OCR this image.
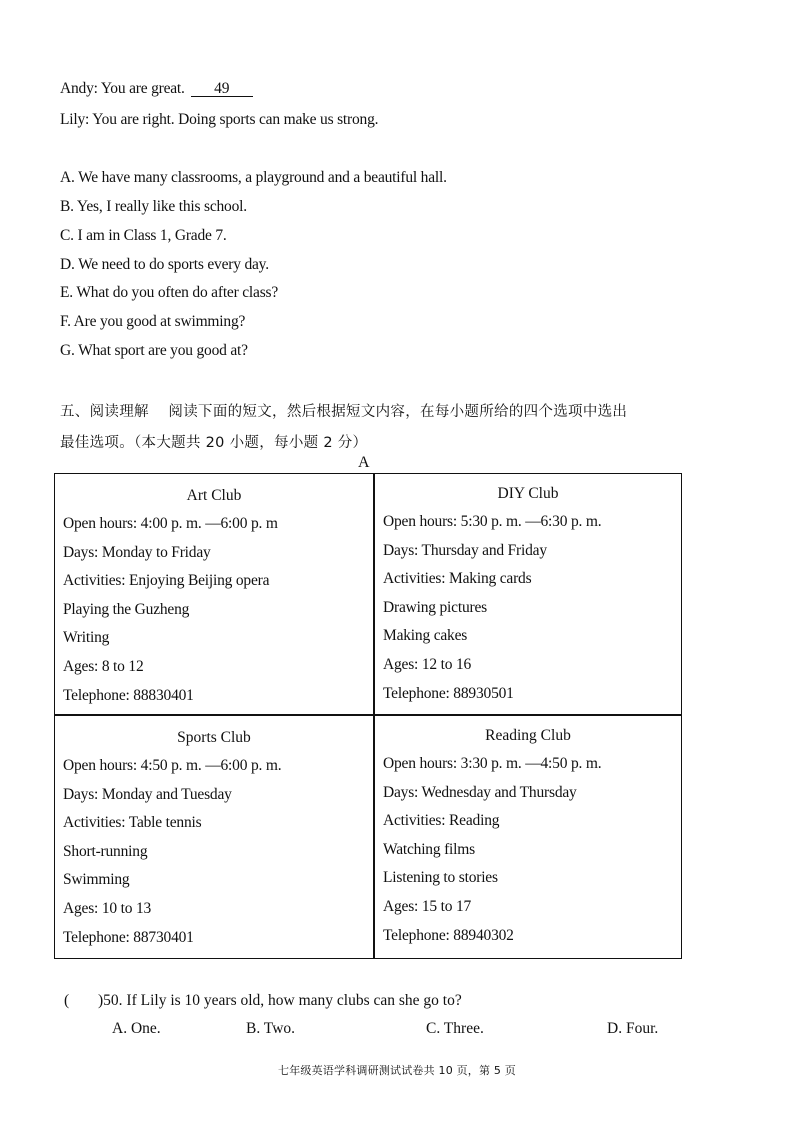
Andy: You are great. 49
Lily: You are right. Doing sports can make us strong.
A. We have many classrooms, a playground and a beautiful hall.
B. Yes, I really like this school.
C. I am in Class 1, Grade 7.
D. We need to do sports every day.
E. What do you often do after class?
F. Are you good at swimming?
G. What sport are you good at?
五、阅读理解    阅读下面的短文，然后根据短文内容，在每小题所给的四个选项中选出
最佳选项。（本大题共 20 小题，每小题 2 分）
A
Art Club
Open hours: 4:00 p. m. —6:00 p. m
Days: Monday to Friday
Activities: Enjoying Beijing opera
Playing the Guzheng
Writing
Ages: 8 to 12
Telephone: 88830401
DIY Club
Open hours: 5:30 p. m. —6:30 p. m.
Days: Thursday and Friday
Activities: Making cards
Drawing pictures
Making cakes
Ages: 12 to 16
Telephone: 88930501
Sports Club
Open hours: 4:50 p. m. —6:00 p. m.
Days: Monday and Tuesday
Activities: Table tennis
Short-running
Swimming
Ages: 10 to 13
Telephone: 88730401
Reading Club
Open hours: 3:30 p. m. —4:50 p. m.
Days: Wednesday and Thursday
Activities: Reading
Watching films
Listening to stories
Ages: 15 to 17
Telephone: 88940302
( )50. If Lily is 10 years old, how many clubs can she go to?
A. One.	B. Two.	C. Three.	D. Four.
七年级英语学科调研测试试卷共 10 页，第 5 页
